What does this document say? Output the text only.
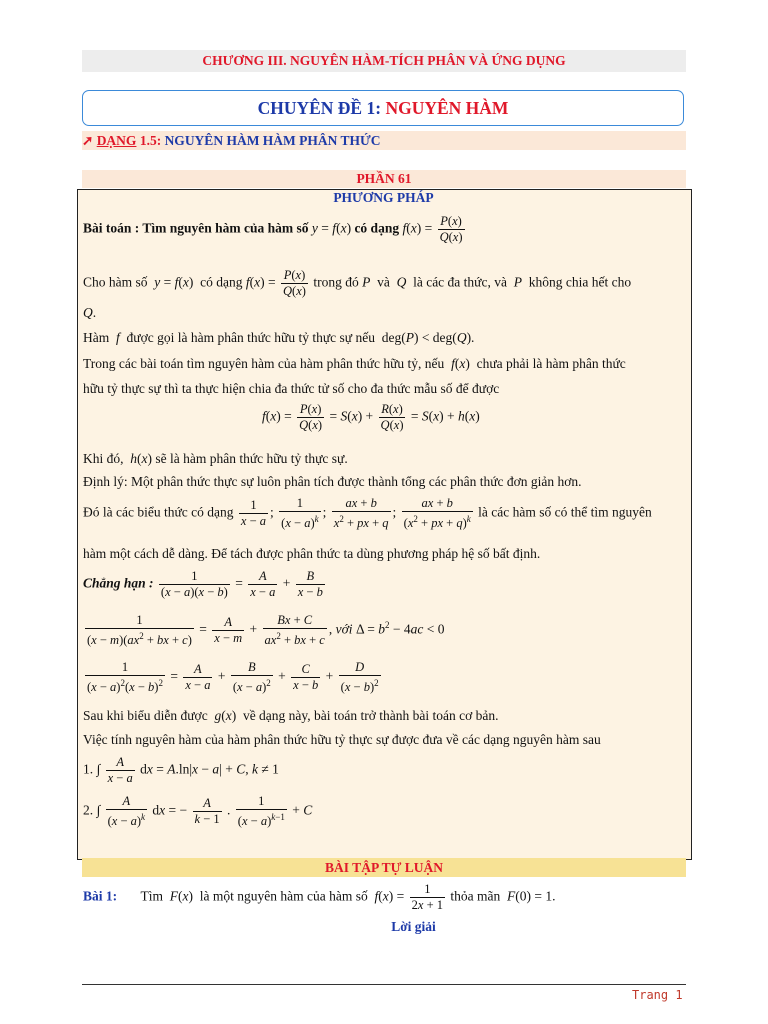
CHƯƠNG III. NGUYÊN HÀM-TÍCH PHÂN VÀ ỨNG DỤNG
CHUYÊN ĐỀ 1: NGUYÊN HÀM
➚ DẠNG 1.5: NGUYÊN HÀM HÀM PHÂN THỨC
PHẦN 61
PHƯƠNG PHÁP
Bài toán : Tìm nguyên hàm của hàm số y = f(x) có dạng $f(x) = \frac{P(x)}{Q(x)}$
Cho hàm số y = f(x)  có dạng $f(x) = \frac{P(x)}{Q(x)}$ trong đó P và Q là các đa thức, và P không chia hết cho
Q.
Hàm f được gọi là hàm phân thức hữu tỷ thực sự nếu  deg(P) < deg(Q).
Trong các bài toán tìm nguyên hàm của hàm phân thức hữu tỷ, nếu f(x)  chưa phải là hàm phân thức
hữu tỷ thực sự thì ta thực hiện chia đa thức tử số cho đa thức mẫu số để được
$f(x) = \frac{P(x)}{Q(x)} = S(x) + \frac{R(x)}{Q(x)} = S(x) + h(x)$
Khi đó, h(x) sẽ là hàm phân thức hữu tỷ thực sự.
Định lý: Một phân thức thực sự luôn phân tích được thành tổng các phân thức đơn giản hơn.
Đó là các biểu thức có dạng $\frac{1}{x - a}$ ; $\frac{1}{(x - a)^k}$ ; $\frac{ax + b}{x^2 + px + q}$ ; $\frac{ax + b}{(x^2 + px + q)^k}$ là các hàm số có thể tìm nguyên
hàm một cách dễ dàng. Để tách được phân thức ta dùng phương pháp hệ số bất định.
Chẳng hạn : $\frac{1}{(x - a)(x - b)} = \frac{A}{x - a} + \frac{B}{x - b}$
$\frac{1}{(x - m)(ax^2 + bx + c)} = \frac{A}{x - m} + \frac{Bx + C}{ax^2 + bx + c}$ , với $\Delta = b^2 - 4ac < 0$
$\frac{1}{(x - a)^2(x - b)^2} = \frac{A}{x - a} + \frac{B}{(x - a)^2} + \frac{C}{x - b} + \frac{D}{(x - b)^2}$
Sau khi biểu diễn được g(x)  về dạng này, bài toán trở thành bài toán cơ bản.
Việc tính nguyên hàm của hàm phân thức hữu tỷ thực sự được đưa về các dạng nguyên hàm sau
1. ∫ $\frac{A}{x - a}$ dx = A.ln|x − a| + C, k ≠ 1
2. ∫ $\frac{A}{(x - a)^k}$ dx = − $\frac{A}{k - 1}$ . $\frac{1}{(x - a)^{k-1}} + C$
BÀI TẬP TỰ LUẬN
Bài 1: Tìm F(x)  là một nguyên hàm của hàm số $f(x) = \frac{1}{2x + 1}$ thỏa mãn F(0) = 1.
Lời giải
Trang 1
